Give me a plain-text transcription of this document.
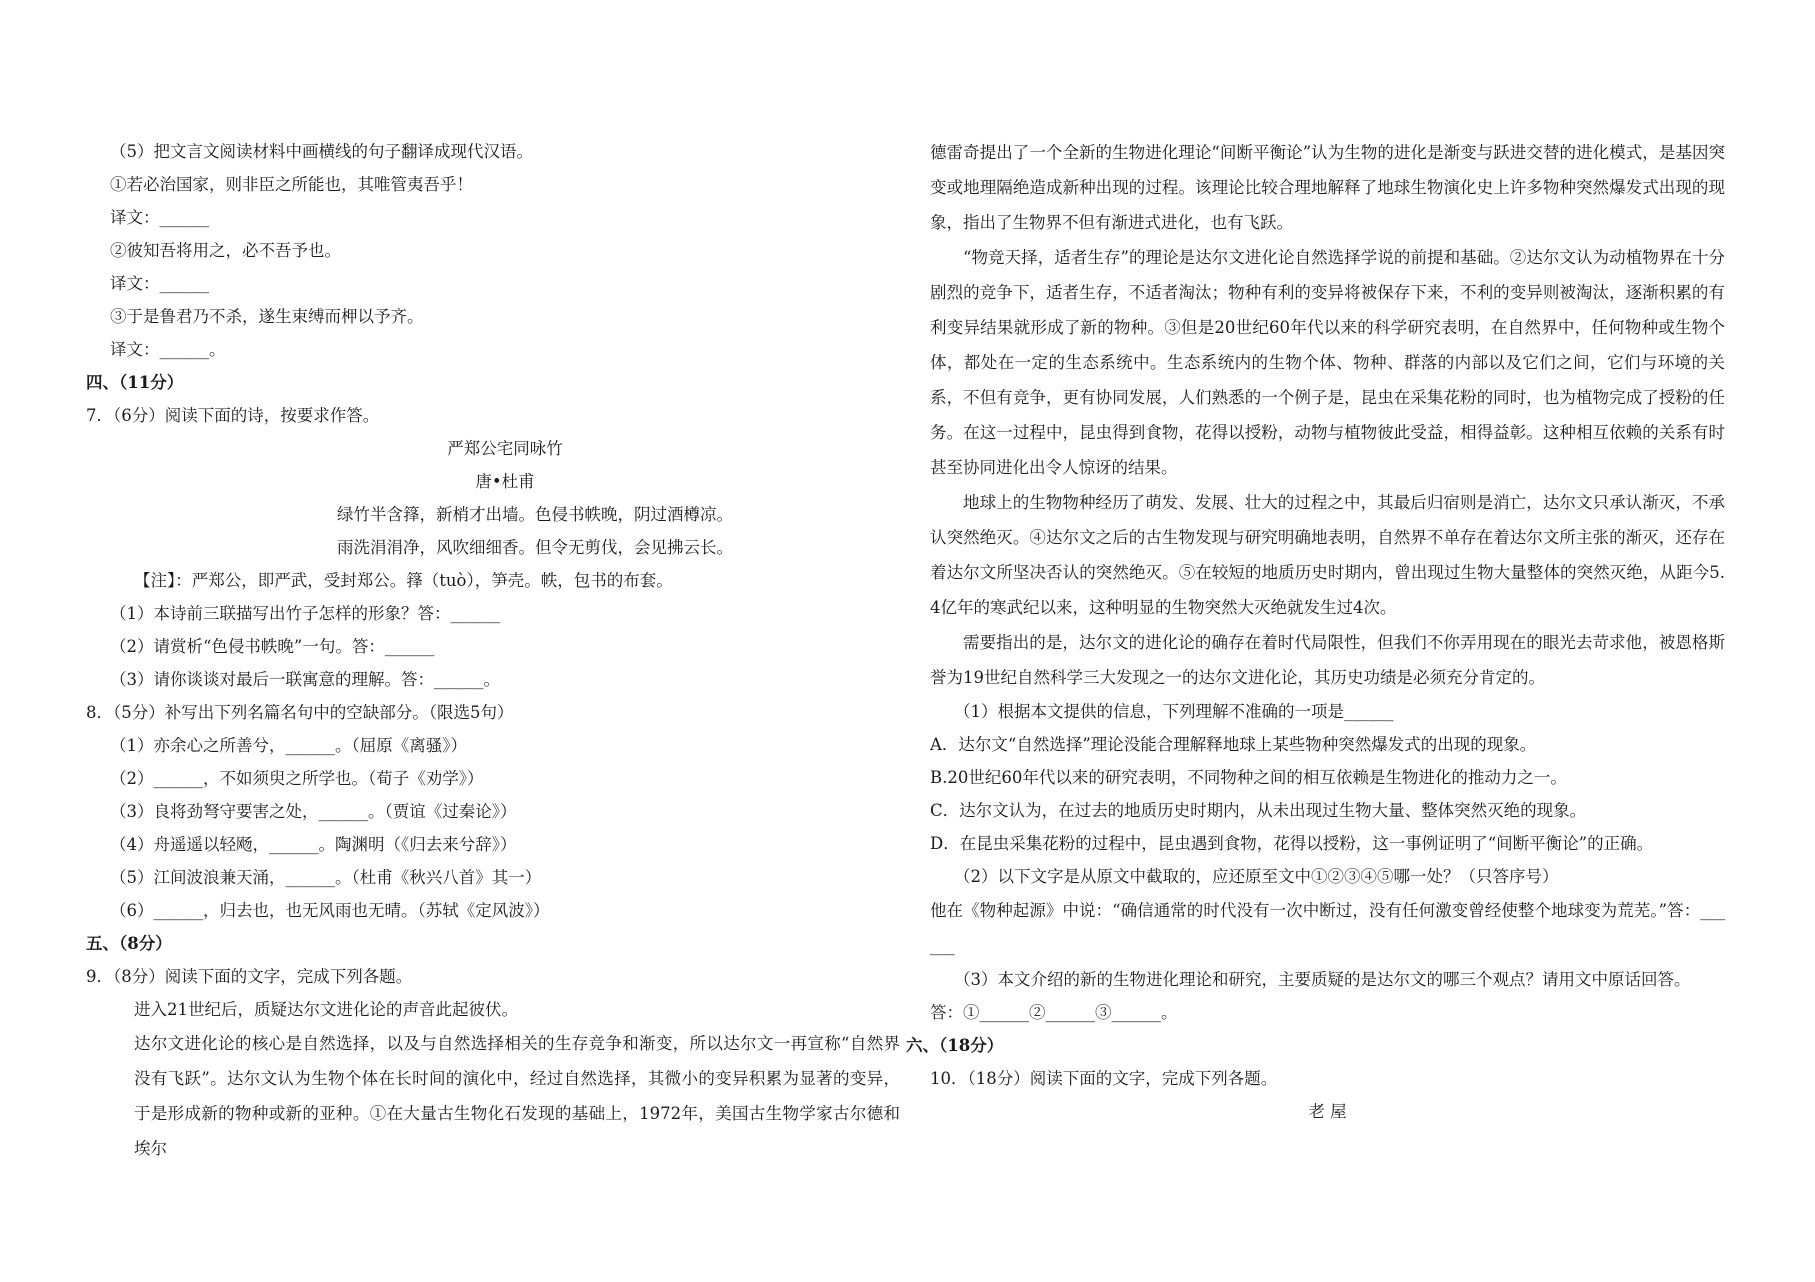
（5）把文言文阅读材料中画横线的句子翻译成现代汉语。
①若必治国家，则非臣之所能也，其唯管夷吾乎！
译文：______
②彼知吾将用之，必不吾予也。
译文：______
③于是鲁君乃不杀，遂生束缚而柙以予齐。
译文：______。
四、（11分）
7．（6分）阅读下面的诗，按要求作答。
严郑公宅同咏竹
唐•杜甫
绿竹半含箨，新梢才出墙。色侵书帙晚，阴过酒樽凉。
雨洗涓涓净，风吹细细香。但令无剪伐，会见拂云长。
【注】：严郑公，即严武，受封郑公。箨（tuò），笋壳。帙，包书的布套。
（1）本诗前三联描写出竹子怎样的形象？答：______
（2）请赏析“色侵书帙晚”一句。答：______
（3）请你谈谈对最后一联寓意的理解。答：______。
8．（5分）补写出下列名篇名句中的空缺部分。（限选5句）
（1）亦余心之所善兮，______。（屈原《离骚》）
（2）______，不如须臾之所学也。（荀子《劝学》）
（3）良将劲弩守要害之处，______。（贾谊《过秦论》）
（4）舟遥遥以轻飏，______。陶渊明（《归去来兮辞》）
（5）江间波浪兼天涌，______。（杜甫《秋兴八首》其一）
（6）______，归去也，也无风雨也无晴。（苏轼《定风波》）
五、（8分）
9．（8分）阅读下面的文字，完成下列各题。
进入21世纪后，质疑达尔文进化论的声音此起彼伏。
达尔文进化论的核心是自然选择，以及与自然选择相关的生存竞争和渐变，所以达尔文一再宣称“自然界没有飞跃”。达尔文认为生物个体在长时间的演化中，经过自然选择，其微小的变异积累为显著的变异，于是形成新的物种或新的亚种。①在大量古生物化石发现的基础上，1972年，美国古生物学家古尔德和埃尔
德雷奇提出了一个全新的生物进化理论“间断平衡论”认为生物的进化是渐变与跃进交替的进化模式，是基因突变或地理隔绝造成新种出现的过程。该理论比较合理地解释了地球生物演化史上许多物种突然爆发式出现的现象，指出了生物界不但有渐进式进化，也有飞跃。
“物竞天择，适者生存”的理论是达尔文进化论自然选择学说的前提和基础。②达尔文认为动植物界在十分剧烈的竞争下，适者生存，不适者淘汰；物种有利的变异将被保存下来，不利的变异则被淘汰，逐渐积累的有利变异结果就形成了新的物种。③但是20世纪60年代以来的科学研究表明，在自然界中，任何物种或生物个体，都处在一定的生态系统中。生态系统内的生物个体、物种、群落的内部以及它们之间，它们与环境的关系，不但有竞争，更有协同发展，人们熟悉的一个例子是，昆虫在采集花粉的同时，也为植物完成了授粉的任务。在这一过程中，昆虫得到食物，花得以授粉，动物与植物彼此受益，相得益彰。这种相互依赖的关系有时甚至协同进化出令人惊讶的结果。
地球上的生物物种经历了萌发、发展、壮大的过程之中，其最后归宿则是消亡，达尔文只承认渐灭，不承认突然绝灭。④达尔文之后的古生物发现与研究明确地表明，自然界不单存在着达尔文所主张的渐灭，还存在着达尔文所坚决否认的突然绝灭。⑤在较短的地质历史时期内，曾出现过生物大量整体的突然灭绝，从距今5.4亿年的寒武纪以来，这种明显的生物突然大灭绝就发生过4次。
需要指出的是，达尔文的进化论的确存在着时代局限性，但我们不你弄用现在的眼光去苛求他，被恩格斯誉为19世纪自然科学三大发现之一的达尔文进化论，其历史功绩是必须充分肯定的。
（1）根据本文提供的信息，下列理解不准确的一项是______
A．达尔文“自然选择”理论没能合理解释地球上某些物种突然爆发式的出现的现象。
B.20世纪60年代以来的研究表明，不同物种之间的相互依赖是生物进化的推动力之一。
C．达尔文认为，在过去的地质历史时期内，从未出现过生物大量、整体突然灭绝的现象。
D．在昆虫采集花粉的过程中，昆虫遇到食物，花得以授粉，这一事例证明了“间断平衡论”的正确。
（2）以下文字是从原文中截取的，应还原至文中①②③④⑤哪一处？（只答序号）
他在《物种起源》中说：“确信通常的时代没有一次中断过，没有任何激变曾经使整个地球变为荒芜。”答：______
（3）本文介绍的新的生物进化理论和研究，主要质疑的是达尔文的哪三个观点？请用文中原话回答。
答：①______②______③______。
六、（18分）
10．（18分）阅读下面的文字，完成下列各题。
老 屋
